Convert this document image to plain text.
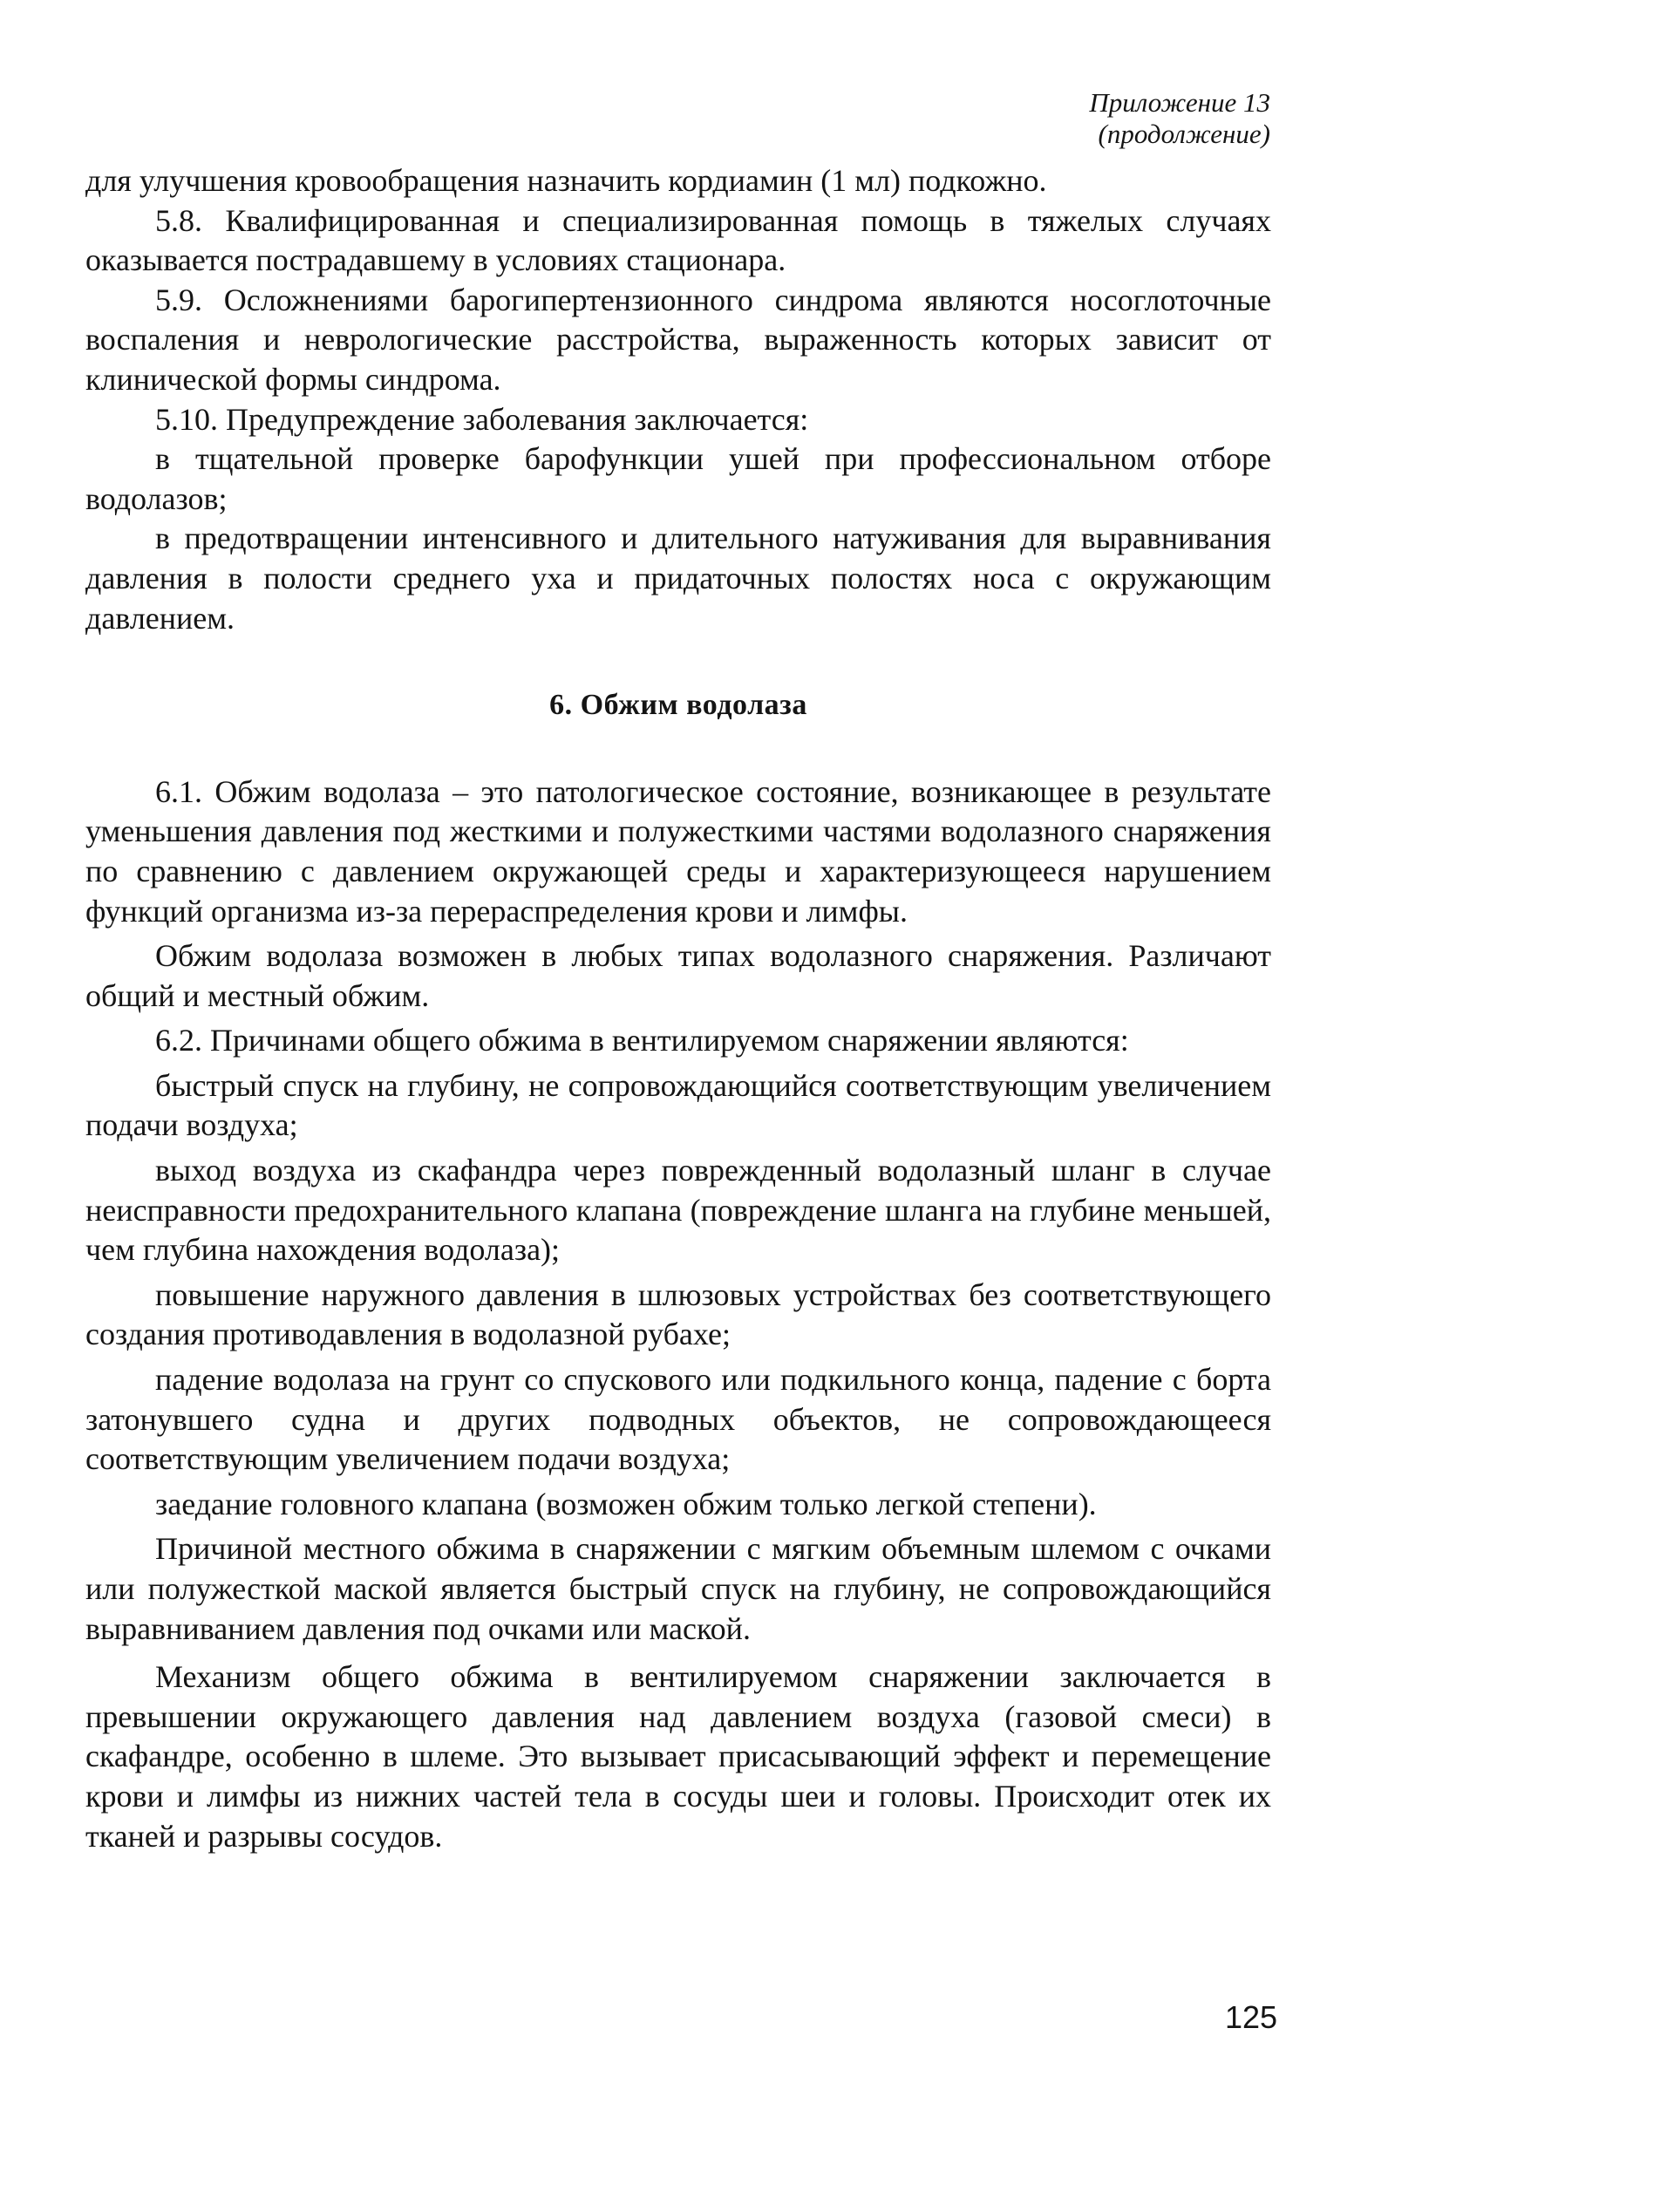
Приложение 13
(продолжение)

для улучшения кровообращения назначить кордиамин (1 мл) подкожно.

5.8. Квалифицированная и специализированная помощь в тяжелых случаях оказывается пострадавшему в условиях стационара.

5.9. Осложнениями барогипертензионного синдрома являются носоглоточные воспаления и неврологические расстройства, выраженность которых зависит от клинической формы синдрома.

5.10. Предупреждение заболевания заключается:

в тщательной проверке барофункции ушей при профессиональном отборе водолазов;

в предотвращении интенсивного и длительного натуживания для выравнивания давления в полости среднего уха и придаточных полостях носа с окружающим давлением.

6. Обжим водолаза

6.1. Обжим водолаза – это патологическое состояние, возникающее в результате уменьшения давления под жесткими и полужесткими частями водолазного снаряжения по сравнению с давлением окружающей среды и характеризующееся нарушением функций организма из-за перераспределения крови и лимфы.

Обжим водолаза возможен в любых типах водолазного снаряжения. Различают общий и местный обжим.

6.2. Причинами общего обжима в вентилируемом снаряжении являются:

быстрый спуск на глубину, не сопровождающийся соответствующим увеличением подачи воздуха;

выход воздуха из скафандра через поврежденный водолазный шланг в случае неисправности предохранительного клапана (повреждение шланга на глубине меньшей, чем глубина нахождения водолаза);

повышение наружного давления в шлюзовых устройствах без соответствующего создания противодавления в водолазной рубахе;

падение водолаза на грунт со спускового или подкильного конца, падение с борта затонувшего судна и других подводных объектов, не сопровождающееся соответствующим увеличением подачи воздуха;

заедание головного клапана (возможен обжим только легкой степени).

Причиной местного обжима в снаряжении с мягким объемным шлемом с очками или полужесткой маской является быстрый спуск на глубину, не сопровождающийся выравниванием давления под очками или маской.

Механизм общего обжима в вентилируемом снаряжении заключается в превышении окружающего давления над давлением воздуха (газовой смеси) в скафандре, особенно в шлеме. Это вызывает присасывающий эффект и перемещение крови и лимфы из нижних частей тела в сосуды шеи и головы. Происходит отек их тканей и разрывы сосудов.

125
